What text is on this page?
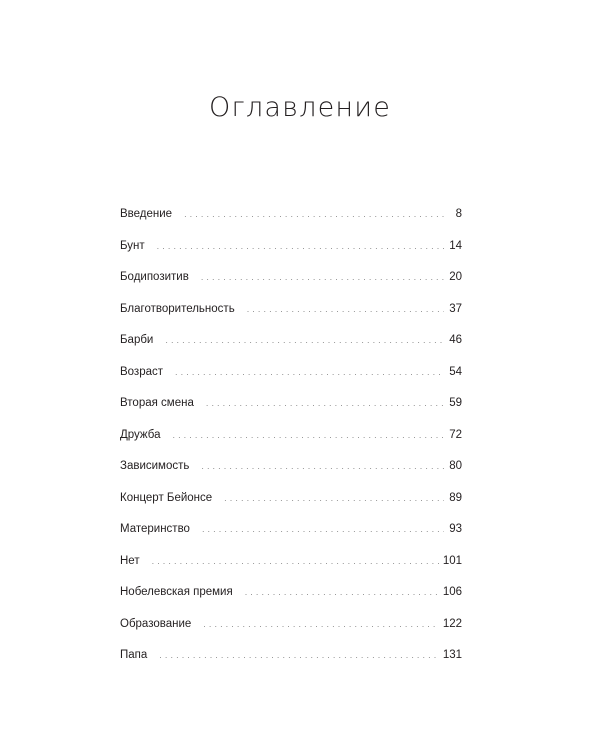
Оглавление
Введение .....	8
Бунт .....	14
Бодипозитив .....	20
Благотворительность .....	37
Барби .....	46
Возраст .....	54
Вторая смена .....	59
Дружба .....	72
Зависимость .....	80
Концерт Бейонсе .....	89
Материнство .....	93
Нет .....	101
Нобелевская премия .....	106
Образование .....	122
Папа .....	131
